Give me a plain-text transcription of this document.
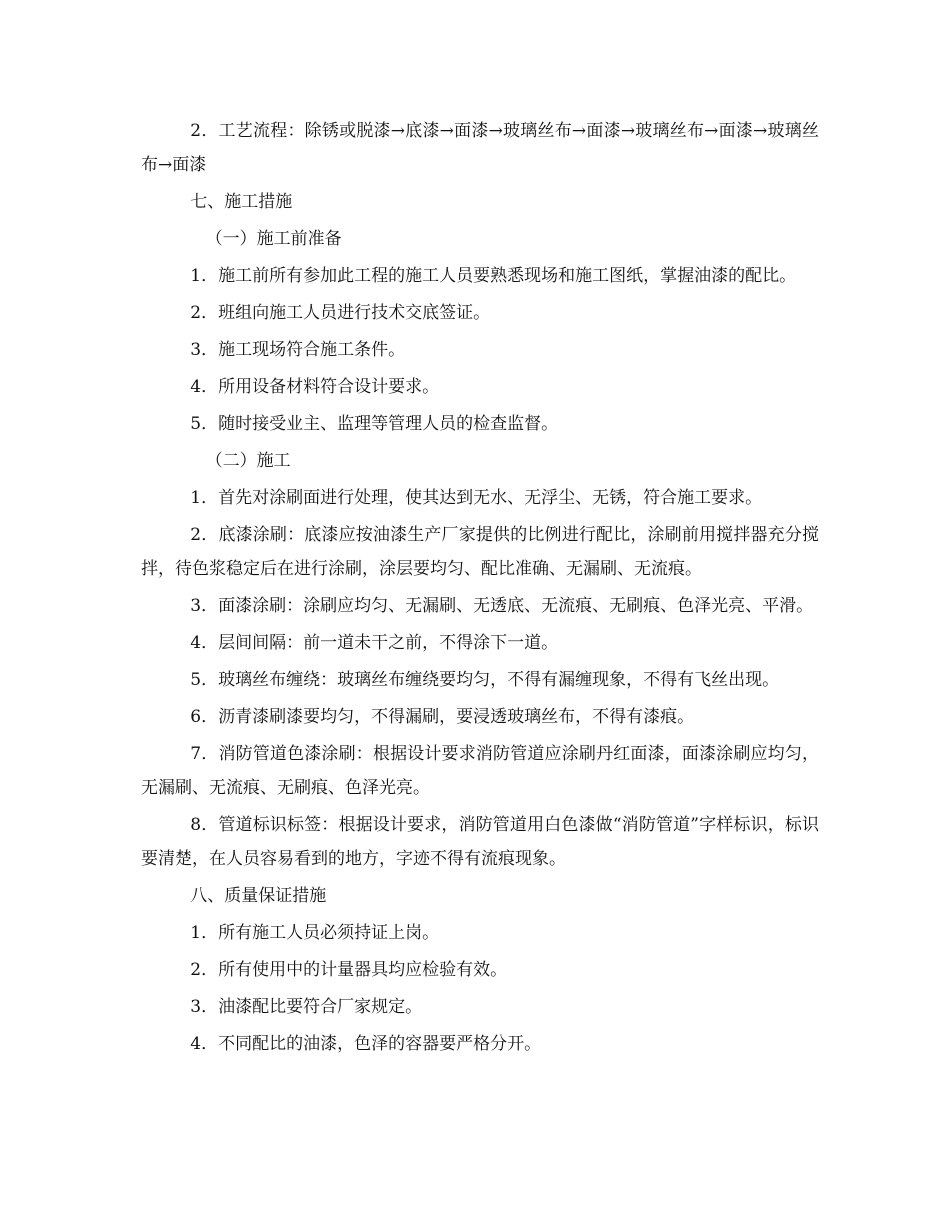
2．工艺流程：除锈或脱漆→底漆→面漆→玻璃丝布→面漆→玻璃丝布→面漆→玻璃丝布→面漆

七、施工措施

（一）施工前准备

1．施工前所有参加此工程的施工人员要熟悉现场和施工图纸，掌握油漆的配比。

2．班组向施工人员进行技术交底签证。

3．施工现场符合施工条件。

4．所用设备材料符合设计要求。

5．随时接受业主、监理等管理人员的检查监督。

（二）施工

1．首先对涂刷面进行处理，使其达到无水、无浮尘、无锈，符合施工要求。

2．底漆涂刷：底漆应按油漆生产厂家提供的比例进行配比，涂刷前用搅拌器充分搅拌，待色浆稳定后在进行涂刷，涂层要均匀、配比准确、无漏刷、无流痕。

3．面漆涂刷：涂刷应均匀、无漏刷、无透底、无流痕、无刷痕、色泽光亮、平滑。

4．层间间隔：前一道未干之前，不得涂下一道。

5．玻璃丝布缠绕：玻璃丝布缠绕要均匀，不得有漏缠现象，不得有飞丝出现。

6．沥青漆刷漆要均匀，不得漏刷，要浸透玻璃丝布，不得有漆痕。

7．消防管道色漆涂刷：根据设计要求消防管道应涂刷丹红面漆，面漆涂刷应均匀，无漏刷、无流痕、无刷痕、色泽光亮。

8．管道标识标签：根据设计要求，消防管道用白色漆做“消防管道”字样标识，标识要清楚，在人员容易看到的地方，字迹不得有流痕现象。

八、质量保证措施

1．所有施工人员必须持证上岗。

2．所有使用中的计量器具均应检验有效。

3．油漆配比要符合厂家规定。

4．不同配比的油漆，色泽的容器要严格分开。
